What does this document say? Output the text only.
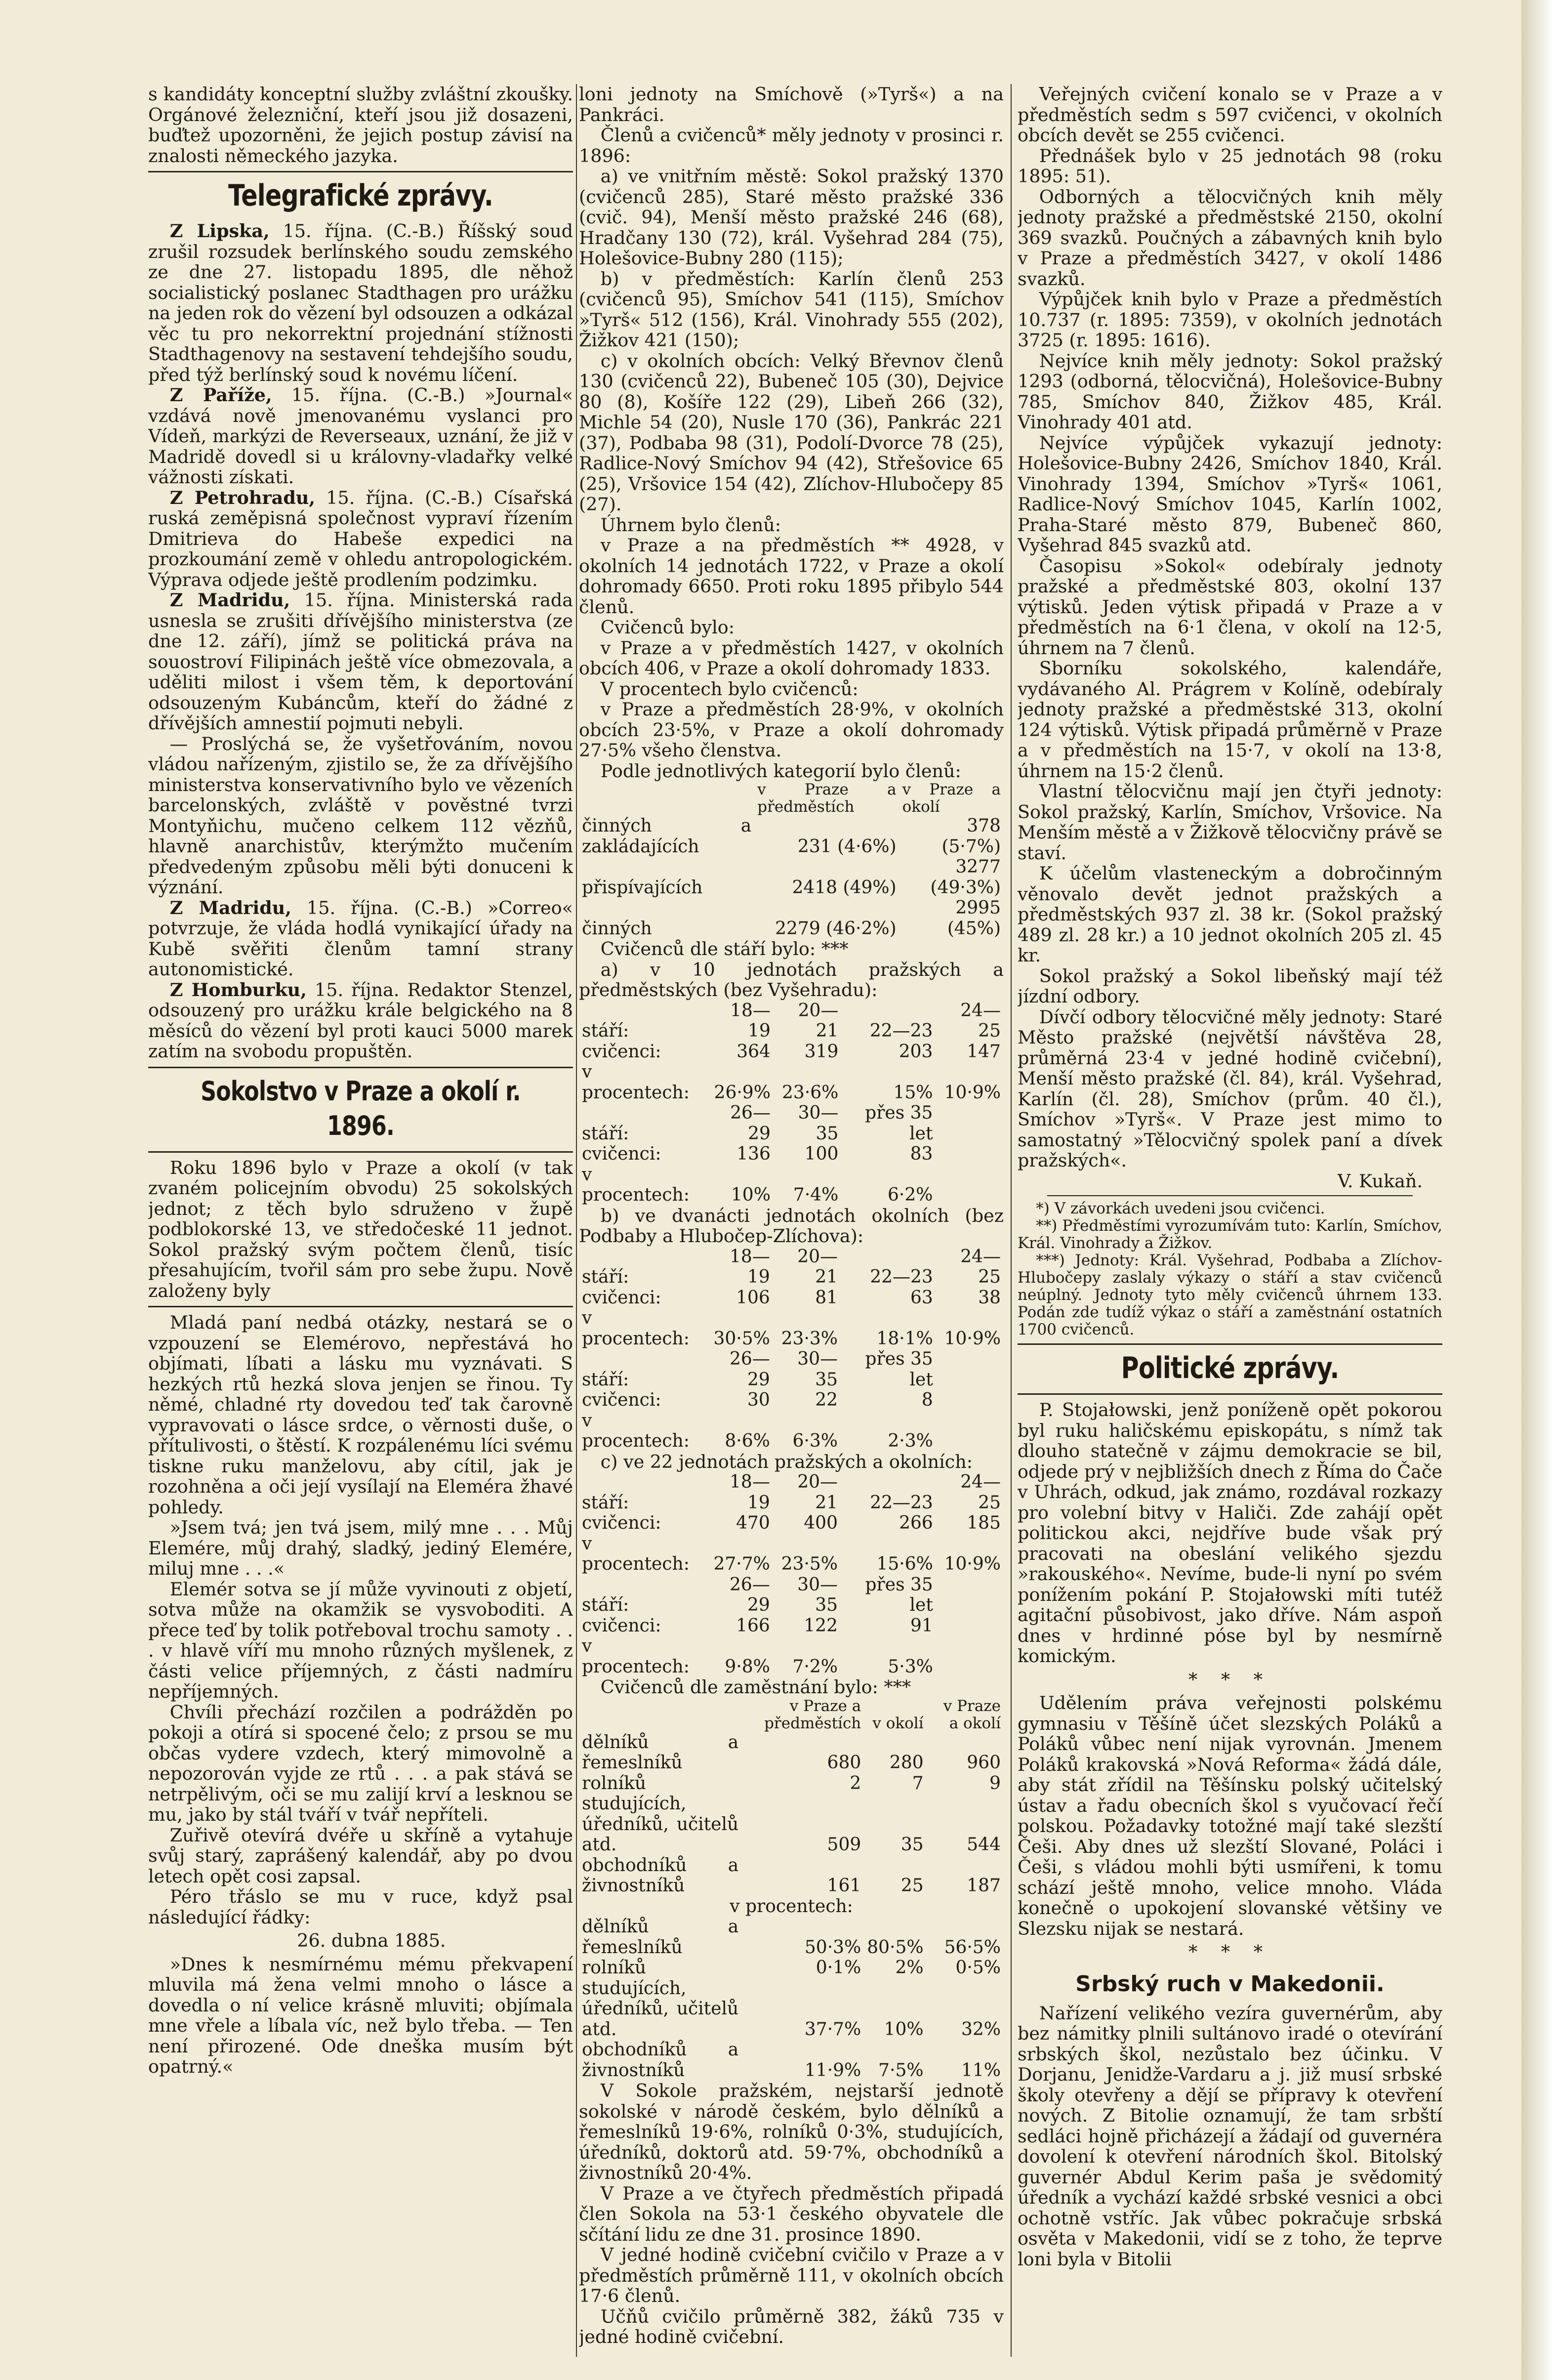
s kandidáty konceptní služby zvláštní zkoušky. Orgánové železniční, kteří jsou již dosazeni, buďtež upozorněni, že jejich postup závisí na znalosti německého jazyka.

Telegrafické zprávy.

Z Lipska, 15. října. (C.-B.) Říšský soud zrušil rozsudek berlínského soudu zemského ze dne 27. listopadu 1895, dle něhož socialistický poslanec Stadthagen pro urážku na jeden rok do vězení byl odsouzen a odkázal věc tu pro nekorrektní projednání stížnosti Stadthagenovy na sestavení tehdejšího soudu, před týž berlínský soud k novému líčení.

Z Paříže, 15. října. (C.-B.) »Journal« vzdává nově jmenovanému vyslanci pro Vídeň, markýzi de Reverseaux, uznání, že již v Madridě dovedl si u královny-vladařky velké vážnosti získati.

Z Petrohradu, 15. října. (C.-B.) Císařská ruská zeměpisná společnost vypraví řízením Dmitrieva do Habeše expedici na prozkoumání země v ohledu antropologickém. Výprava odjede ještě prodlením podzimku.

Z Madridu, 15. října. Ministerská rada usnesla se zrušiti dřívějšího ministerstva (ze dne 12. září), jímž se politická práva na souostroví Filipinách ještě více obmezovala, a uděliti milost i všem těm, k deportování odsouzeným Kubáncům, kteří do žádné z dřívějších amnestií pojmuti nebyli.

— Proslýchá se, že vyšetřováním, novou vládou nařízeným, zjistilo se, že za dřívějšího ministerstva konservativního bylo ve vězeních barcelonských, zvláště v pověstné tvrzi Montyňichu, mučeno celkem 112 vězňů, hlavně anarchistův, kterýmžto mučením předvedeným způsobu měli býti donuceni k význání.

Z Madridu, 15. října. (C.-B.) »Correo« potvrzuje, že vláda hodlá vynikající úřady na Kubě svěřiti členům tamní strany autonomistické.

Z Homburku, 15. října. Redaktor Stenzel, odsouzený pro urážku krále belgického na 8 měsíců do vězení byl proti kauci 5000 marek zatím na svobodu propuštěn.

Sokolstvo v Praze a okolí r. 1896.

Roku 1896 bylo v Praze a okolí (v tak zvaném policejním obvodu) 25 sokolských jednot; z těch bylo sdruženo v župě podblokorské 13, ve středočeské 11 jednot. Sokol pražský svým počtem členů, tisíc přesahujícím, tvořil sám pro sebe župu. Nově založeny byly

Mladá paní nedbá otázky, nestará se o vzpouzení se Elemérovo, nepřestává ho objímati, líbati a lásku mu vyznávati. S hezkých rtů hezká slova jenjen se řinou. Ty němé, chladné rty dovedou teď tak čarovně vypravovati o lásce srdce, o věrnosti duše, o přítulivosti, o štěstí. K rozpálenému líci svému tiskne ruku manželovu, aby cítil, jak je rozohněna a oči její vysílají na Eleméra žhavé pohledy.

»Jsem tvá; jen tvá jsem, milý mne . . . Můj Elemére, můj drahý, sladký, jediný Elemére, miluj mne . . .«

Elemér sotva se jí může vyvinouti z objetí, sotva může na okamžik se vysvoboditi. A přece teď by tolik potřeboval trochu samoty . . . v hlavě víří mu mnoho různých myšlenek, z části velice příjemných, z části nadmíru nepříjemných.

Chvíli přechází rozčilen a podrážděn po pokoji a otírá si spocené čelo; z prsou se mu občas vydere vzdech, který mimovolně a nepozorován vyjde ze rtů . . . a pak stává se netrpělivým, oči se mu zalijí krví a lesknou se mu, jako by stál tváří v tvář nepříteli.

Zuřivě otevírá dvéře u skříně a vytahuje svůj starý, zaprášený kalendář, aby po dvou letech opět cosi zapsal.

Péro třáslo se mu v ruce, když psal následující řádky:

26. dubna 1885.

»Dnes k nesmírnému mému překvapení mluvila má žena velmi mnoho o lásce a dovedla o ní velice krásně mluviti; objímala mne vřele a líbala víc, než bylo třeba. — Ten není přirozené. Ode dneška musím být opatrný.«

loni jednoty na Smíchově (»Tyrš«) a na Pankráci.

Členů a cvičenců* měly jednoty v prosinci r. 1896:

a) ve vnitřním městě: Sokol pražský 1370 (cvičenců 285), Staré město pražské 336 (cvič. 94), Menší město pražské 246 (68), Hradčany 130 (72), král. Vyšehrad 284 (75), Holešovice-Bubny 280 (115);

b) v předměstích: Karlín členů 253 (cvičenců 95), Smíchov 541 (115), Smíchov »Tyrš« 512 (156), Král. Vinohrady 555 (202), Žižkov 421 (150);

c) v okolních obcích: Velký Břevnov členů 130 (cvičenců 22), Bubeneč 105 (30), Dejvice 80 (8), Košíře 122 (29), Libeň 266 (32), Michle 54 (20), Nusle 170 (36), Pankrác 221 (37), Podbaba 98 (31), Podolí-Dvorce 78 (25), Radlice-Nový Smíchov 94 (42), Střešovice 65 (25), Vršovice 154 (42), Zlíchov-Hlubočepy 85 (27).

Úhrnem bylo členů:

v Praze a na předměstích ** 4928, v okolních 14 jednotách 1722, v Praze a okolí dohromady 6650. Proti roku 1895 přibylo 544 členů.

Cvičenců bylo:

v Praze a v předměstích 1427, v okolních obcích 406, v Praze a okolí dohromady 1833.

V procentech bylo cvičenců:

v Praze a předměstích 28·9%, v okolních obcích 23·5%, v Praze a okolí dohromady 27·5% všeho členstva.

Podle jednotlivých kategorií bylo členů:

	v Praze a předměstích	v Praze a okolí
činných a zakládajících	231 (4·6%)	378 (5·7%)
přispívajících	2418 (49%)	3277 (49·3%)
činných	2279 (46·2%)	2995 (45%)

Cvičenců dle stáří bylo: ***

a) v 10 jednotách pražských a předměstských (bez Vyšehradu):

stáří:	18—19	20—21	22—23	24—25
cvičenci:	364	319	203	147
v procentech:	26·9%	23·6%	15%	10·9%
stáří:	26—29	30—35	přes 35 let	
cvičenci:	136	100	83	
v procentech:	10%	7·4%	6·2%	

b) ve dvanácti jednotách okolních (bez Podbaby a Hlubočep-Zlíchova):

stáří:	18—19	20—21	22—23	24—25
cvičenci:	106	81	63	38
v procentech:	30·5%	23·3%	18·1%	10·9%
stáří:	26—29	30—35	přes 35 let	
cvičenci:	30	22	8	
v procentech:	8·6%	6·3%	2·3%	

c) ve 22 jednotách pražských a okolních:

stáří:	18—19	20—21	22—23	24—25
cvičenci:	470	400	266	185
v procentech:	27·7%	23·5%	15·6%	10·9%
stáří:	26—29	30—35	přes 35 let	
cvičenci:	166	122	91	
v procentech:	9·8%	7·2%	5·3%	

Cvičenců dle zaměstnání bylo: ***

	v Praze a předměstích	v okolí	v Praze a okolí
dělníků a řemeslníků	680	280	960
rolníků	2	7	9
studujících, úředníků, učitelů atd.	509	35	544
obchodníků a živnostníků	161	25	187
v procentech:			
dělníků a řemeslníků	50·3%	80·5%	56·5%
rolníků	0·1%	2%	0·5%
studujících, úředníků, učitelů atd.	37·7%	10%	32%
obchodníků a živnostníků	11·9%	7·5%	11%

V Sokole pražském, nejstarší jednotě sokolské v národě českém, bylo dělníků a řemeslníků 19·6%, rolníků 0·3%, studujících, úředníků, doktorů atd. 59·7%, obchodníků a živnostníků 20·4%.

V Praze a ve čtyřech předměstích připadá člen Sokola na 53·1 českého obyvatele dle sčítání lidu ze dne 31. prosince 1890.

V jedné hodině cvičební cvičilo v Praze a v předměstích průměrně 111, v okolních obcích 17·6 členů.

Učňů cvičilo průměrně 382, žáků 735 v jedné hodině cvičební.

Veřejných cvičení konalo se v Praze a v předměstích sedm s 597 cvičenci, v okolních obcích devět se 255 cvičenci.

Přednášek bylo v 25 jednotách 98 (roku 1895: 51).

Odborných a tělocvičných knih měly jednoty pražské a předměstské 2150, okolní 369 svazků. Poučných a zábavných knih bylo v Praze a předměstích 3427, v okolí 1486 svazků.

Výpůjček knih bylo v Praze a předměstích 10.737 (r. 1895: 7359), v okolních jednotách 3725 (r. 1895: 1616).

Nejvíce knih měly jednoty: Sokol pražský 1293 (odborná, tělocvičná), Holešovice-Bubny 785, Smíchov 840, Žižkov 485, Král. Vinohrady 401 atd.

Nejvíce výpůjček vykazují jednoty: Holešovice-Bubny 2426, Smíchov 1840, Král. Vinohrady 1394, Smíchov »Tyrš« 1061, Radlice-Nový Smíchov 1045, Karlín 1002, Praha-Staré město 879, Bubeneč 860, Vyšehrad 845 svazků atd.

Časopisu »Sokol« odebíraly jednoty pražské a předměstské 803, okolní 137 výtisků. Jeden výtisk připadá v Praze a v předměstích na 6·1 člena, v okolí na 12·5, úhrnem na 7 členů.

Sborníku sokolského, kalendáře, vydávaného Al. Prágrem v Kolíně, odebíraly jednoty pražské a předměstské 313, okolní 124 výtisků. Výtisk připadá průměrně v Praze a v předměstích na 15·7, v okolí na 13·8, úhrnem na 15·2 členů.

Vlastní tělocvičnu mají jen čtyři jednoty: Sokol pražský, Karlín, Smíchov, Vršovice. Na Menším městě a v Žižkově tělocvičny právě se staví.

K účelům vlasteneckým a dobročinným věnovalo devět jednot pražských a předměstských 937 zl. 38 kr. (Sokol pražský 489 zl. 28 kr.) a 10 jednot okolních 205 zl. 45 kr.

Sokol pražský a Sokol libeňský mají též jízdní odbory.

Dívčí odbory tělocvičné měly jednoty: Staré Město pražské (největší návštěva 28, průměrná 23·4 v jedné hodině cvičební), Menší město pražské (čl. 84), král. Vyšehrad, Karlín (čl. 28), Smíchov (prům. 40 čl.), Smíchov »Tyrš«. V Praze jest mimo to samostatný »Tělocvičný spolek paní a dívek pražských«.

V. Kukaň.

*) V závorkách uvedeni jsou cvičenci.

**) Předměstími vyrozumívám tuto: Karlín, Smíchov, Král. Vinohrady a Žižkov.

***) Jednoty: Král. Vyšehrad, Podbaba a Zlíchov-Hlubočepy zaslaly výkazy o stáří a stav cvičenců neúplný. Jednoty tyto měly cvičenců úhrnem 133. Podán zde tudíž výkaz o stáří a zaměstnání ostatních 1700 cvičenců.

Politické zprávy.

P. Stojałowski, jenž poníženě opět pokorou byl ruku haličskému episkopátu, s nímž tak dlouho statečně v zájmu demokracie se bil, odjede prý v nejbližších dnech z Říma do Čače v Uhrách, odkud, jak známo, rozdával rozkazy pro volební bitvy v Haliči. Zde zahájí opět politickou akci, nejdříve bude však prý pracovati na obeslání velikého sjezdu »rakouského«. Nevíme, bude-li nyní po svém ponížením pokání P. Stojałowski míti tutéž agitační působivost, jako dříve. Nám aspoň dnes v hrdinné póse byl by nesmírně komickým.

* * *

Udělením práva veřejnosti polskému gymnasiu v Těšíně účet slezských Poláků a Poláků vůbec není nijak vyrovnán. Jmenem Poláků krakovská »Nová Reforma« žádá dále, aby stát zřídil na Těšínsku polský učitelský ústav a řadu obecních škol s vyučovací řečí polskou. Požadavky totožné mají také slezští Češi. Aby dnes už slezští Slované, Poláci i Češi, s vládou mohli býti usmířeni, k tomu schází ještě mnoho, velice mnoho. Vláda konečně o upokojení slovanské většiny ve Slezsku nijak se nestará.

* * *
Srbský ruch v Makedonii.

Nařízení velikého vezíra guvernérům, aby bez námitky plnili sultánovo iradé o otevírání srbských škol, nezůstalo bez účinku. V Dorjanu, Jenidže-Vardaru a j. již musí srbské školy otevřeny a dějí se přípravy k otevření nových. Z Bitolie oznamují, že tam srbští sedláci hojně přicházejí a žádají od guvernéra dovolení k otevření národních škol. Bitolský guvernér Abdul Kerim paša je svědomitý úředník a vychází každé srbské vesnici a obci ochotně vstříc. Jak vůbec pokračuje srbská osvěta v Makedonii, vidí se z toho, že teprve loni byla v Bitolii
